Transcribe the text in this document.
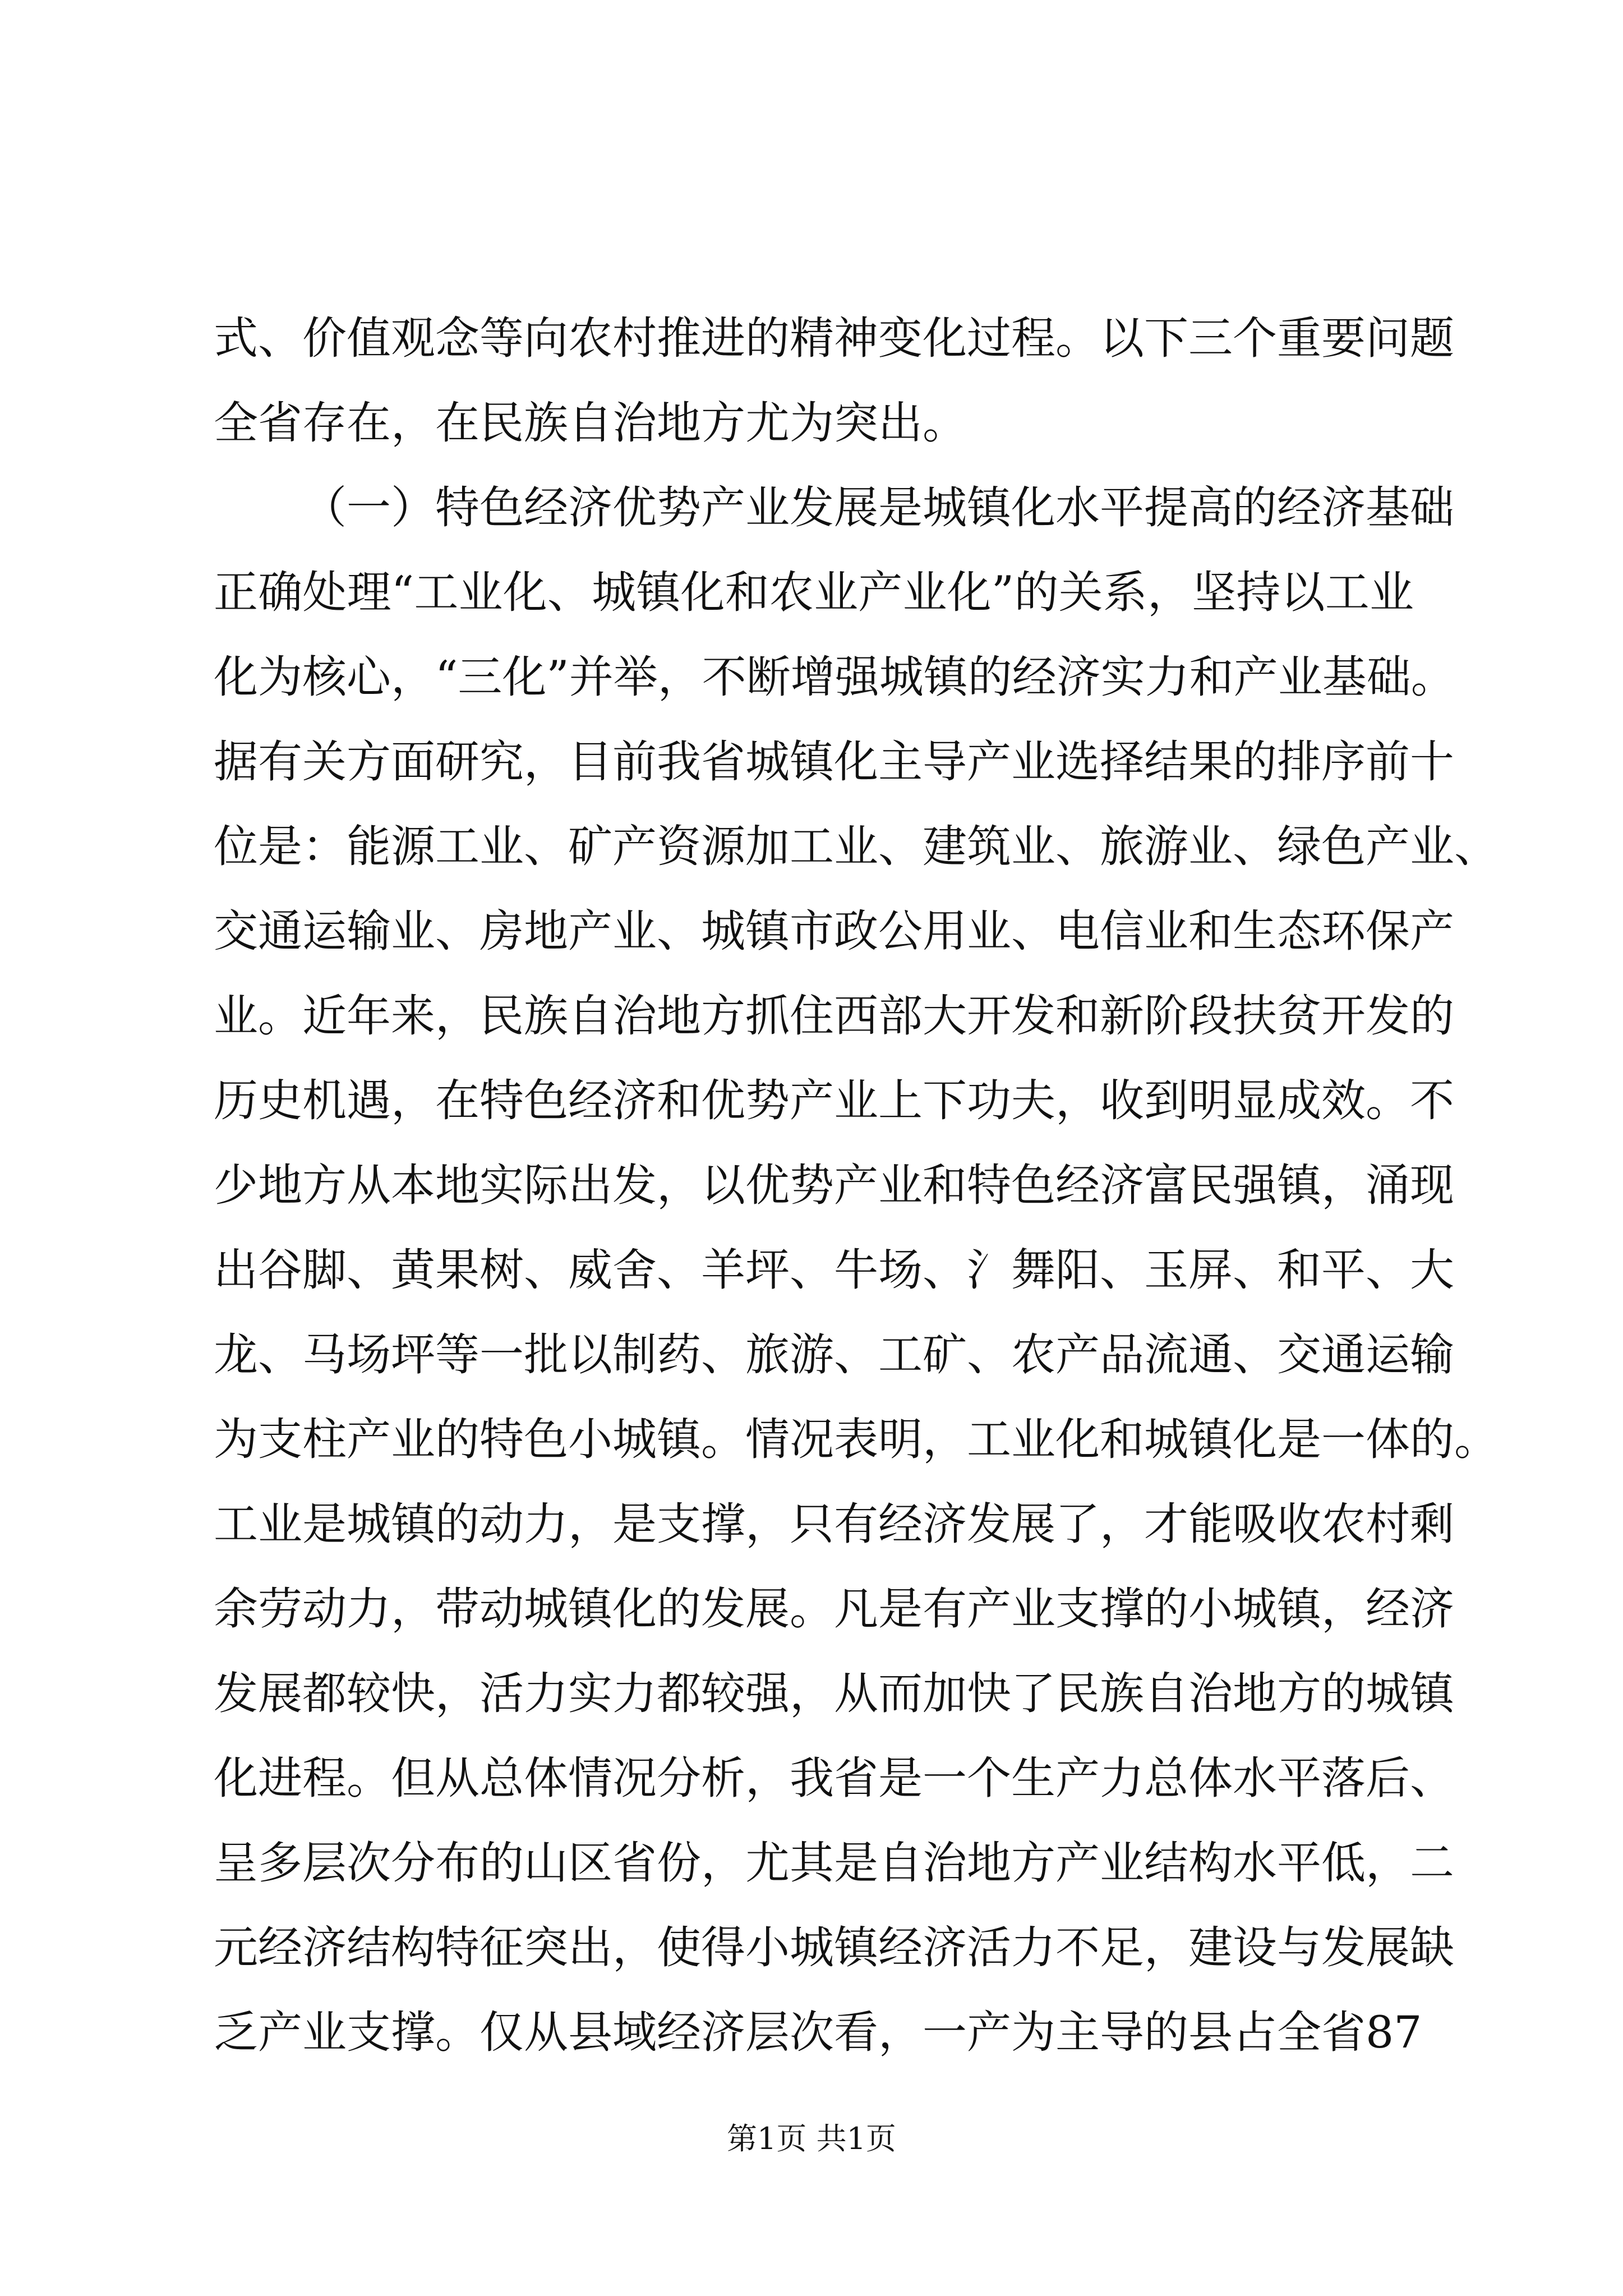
式、价值观念等向农村推进的精神变化过程。以下三个重要问题
全省存在，在民族自治地方尤为突出。
（一）特色经济优势产业发展是城镇化水平提高的经济基础
正确处理“工业化、城镇化和农业产业化”的关系，坚持以工业
化为核心，“三化”并举，不断增强城镇的经济实力和产业基础。
据有关方面研究，目前我省城镇化主导产业选择结果的排序前十
位是：能源工业、矿产资源加工业、建筑业、旅游业、绿色产业、
交通运输业、房地产业、城镇市政公用业、电信业和生态环保产
业。近年来，民族自治地方抓住西部大开发和新阶段扶贫开发的
历史机遇，在特色经济和优势产业上下功夫，收到明显成效。不
少地方从本地实际出发，以优势产业和特色经济富民强镇，涌现
出谷脚、黄果树、威舍、羊坪、牛场、氵舞阳、玉屏、和平、大
龙、马场坪等一批以制药、旅游、工矿、农产品流通、交通运输
为支柱产业的特色小城镇。情况表明，工业化和城镇化是一体的。
工业是城镇的动力，是支撑，只有经济发展了，才能吸收农村剩
余劳动力，带动城镇化的发展。凡是有产业支撑的小城镇，经济
发展都较快，活力实力都较强，从而加快了民族自治地方的城镇
化进程。但从总体情况分析，我省是一个生产力总体水平落后、
呈多层次分布的山区省份，尤其是自治地方产业结构水平低，二
元经济结构特征突出，使得小城镇经济活力不足，建设与发展缺
乏产业支撑。仅从县域经济层次看，一产为主导的县占全省87
第1页 共1页
